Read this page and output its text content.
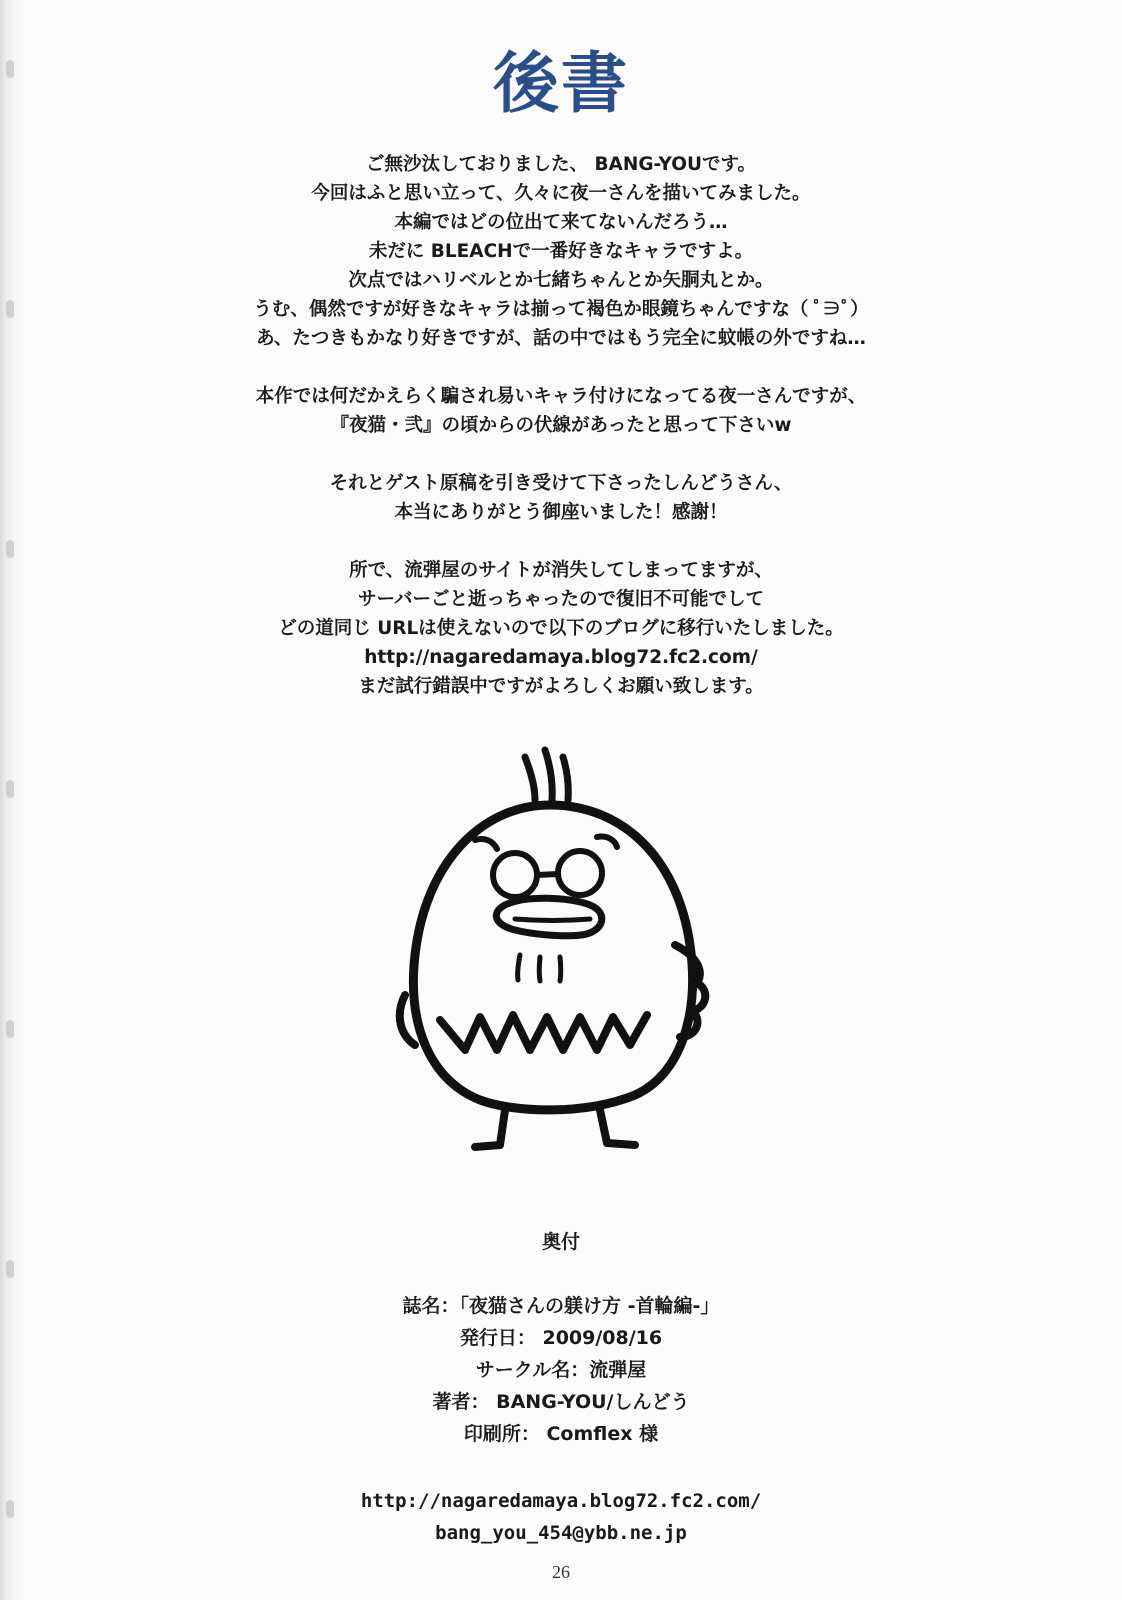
後書
ご無沙汰しておりました、 BANG-YOUです。
今回はふと思い立って、久々に夜一さんを描いてみました。
本編ではどの位出て来てないんだろう…
未だに BLEACHで一番好きなキャラですよ。
次点ではハリベルとか七緒ちゃんとか矢胴丸とか。
うむ、偶然ですが好きなキャラは揃って褐色か眼鏡ちゃんですな（ ﾟ∋ﾟ）
あ、たつきもかなり好きですが、話の中ではもう完全に蚊帳の外ですね…
本作では何だかえらく騙され易いキャラ付けになってる夜一さんですが、
『夜猫・弐』の頃からの伏線があったと思って下さいw
それとゲスト原稿を引き受けて下さったしんどうさん、
本当にありがとう御座いました！感謝！
所で、流弾屋のサイトが消失してしまってますが、
サーバーごと逝っちゃったので復旧不可能でして
どの道同じ URLは使えないので以下のブログに移行いたしました。
http://nagaredamaya.blog72.fc2.com/
まだ試行錯誤中ですがよろしくお願い致します。
奥付
誌名：「夜猫さんの躾け方 -首輪編-」
発行日： 2009/08/16
サークル名：流弾屋
著者： BANG-YOU/しんどう
印刷所： Comflex 様
http://nagaredamaya.blog72.fc2.com/
bang_you_454@ybb.ne.jp
26
